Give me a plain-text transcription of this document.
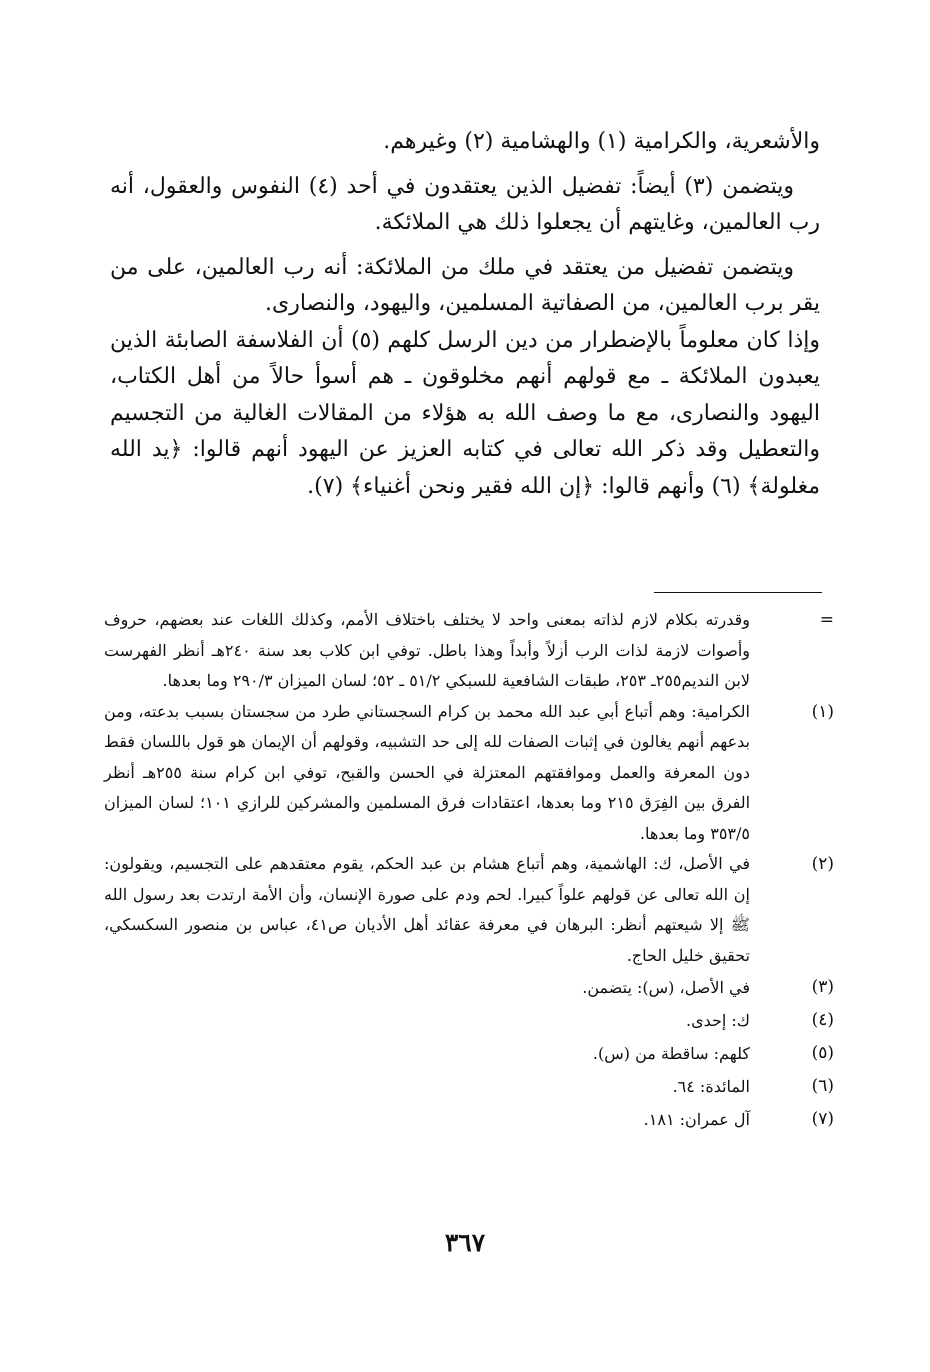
والأشعرية، والكرامية (١) والهشامية (٢) وغيرهم.

ويتضمن (٣) أيضاً: تفضيل الذين يعتقدون في أحد (٤) النفوس والعقول، أنه رب العالمين، وغايتهم أن يجعلوا ذلك هي الملائكة.

ويتضمن تفضيل من يعتقد في ملك من الملائكة: أنه رب العالمين، على من يقر برب العالمين، من الصفاتية المسلمين، واليهود، والنصارى.

وإذا كان معلوماً بالإضطرار من دين الرسل كلهم (٥) أن الفلاسفة الصابئة الذين يعبدون الملائكة ـ مع قولهم أنهم مخلوقون ـ هم أسوأ حالاً من أهل الكتاب، اليهود والنصارى، مع ما وصف الله به هؤلاء من المقالات الغالية من التجسيم والتعطيل وقد ذكر الله تعالى في كتابه العزيز عن اليهود أنهم قالوا: ﴿يد الله مغلولة﴾ (٦) وأنهم قالوا: ﴿إن الله فقير ونحن أغنياء﴾ (٧).

=
وقدرته بكلام لازم لذاته بمعنى واحد لا يختلف باختلاف الأمم، وكذلك اللغات عند بعضهم، حروف وأصوات لازمة لذات الرب أزلاً وأبداً وهذا باطل. توفي ابن كلاب بعد سنة ٢٤٠هـ أنظر الفهرست لابن النديم٢٥٥ـ ٢٥٣، طبقات الشافعية للسبكي ٥١/٢ ـ ٥٢؛ لسان الميزان ٢٩٠/٣ وما بعدها.
(١)
الكرامية: وهم أتباع أبي عبد الله محمد بن كرام السجستاني طرد من سجستان بسبب بدعته، ومن بدعهم أنهم يغالون في إثبات الصفات لله إلى حد التشبيه، وقولهم أن الإيمان هو قول باللسان فقط دون المعرفة والعمل وموافقتهم المعتزلة في الحسن والقبح، توفي ابن كرام سنة ٢٥٥هـ أنظر الفرق بين الفِرَق ٢١٥ وما بعدها، اعتقادات فرق المسلمين والمشركين للرازي ١٠١؛ لسان الميزان ٣٥٣/٥ وما بعدها.
(٢)
في الأصل، ك: الهاشمية، وهم أتباع هشام بن عبد الحكم، يقوم معتقدهم على التجسيم، ويقولون: إن الله تعالى عن قولهم علواً كبيرا. لحم ودم على صورة الإنسان، وأن الأمة ارتدت بعد رسول الله ﷺ إلا شيعتهم أنظر: البرهان في معرفة عقائد أهل الأديان ص٤١، عباس بن منصور السكسكي، تحقيق خليل الحاج.
(٣)
في الأصل، (س): يتضمن.
(٤)
ك: إحدى.
(٥)
كلهم: ساقطة من (س).
(٦)
المائدة: ٦٤.
(٧)
آل عمران: ١٨١.
٣٦٧
